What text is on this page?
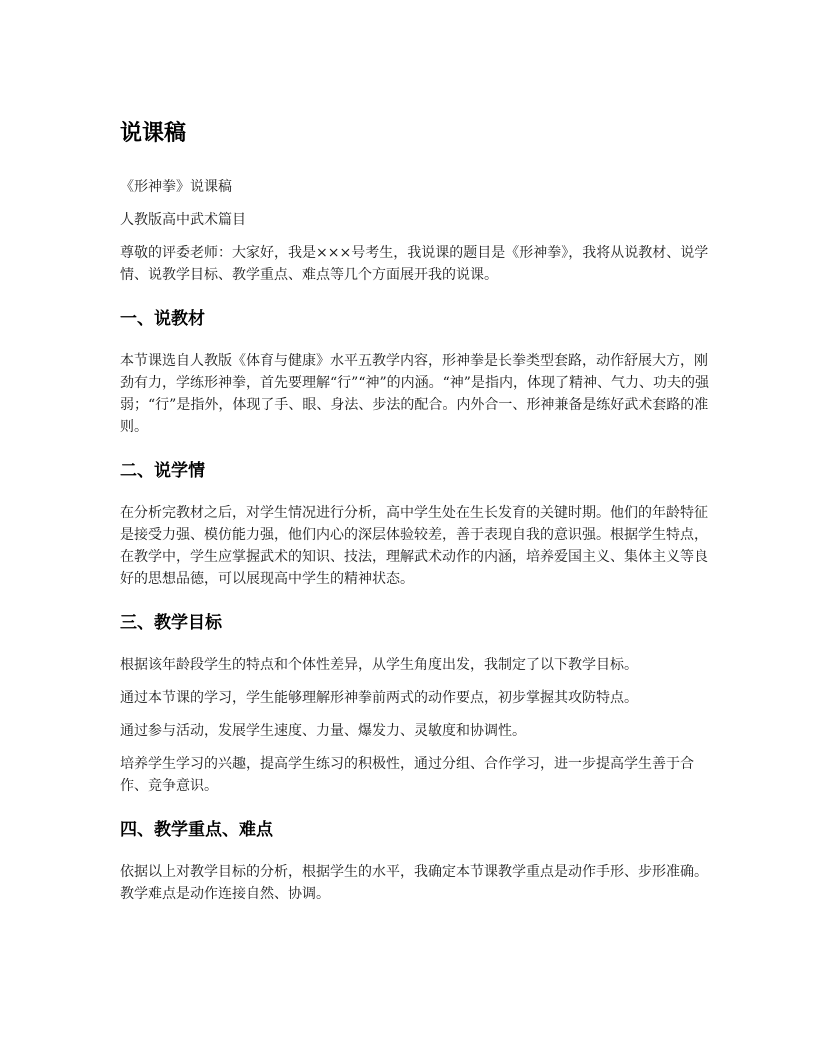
说课稿

《形神拳》说课稿

人教版高中武术篇目

尊敬的评委老师：大家好，我是×××号考生，我说课的题目是《形神拳》，我将从说教材、说学情、说教学目标、教学重点、难点等几个方面展开我的说课。

一、说教材

本节课选自人教版《体育与健康》水平五教学内容，形神拳是长拳类型套路，动作舒展大方，刚劲有力，学练形神拳，首先要理解“行”“神”的内涵。“神”是指内，体现了精神、气力、功夫的强弱；“行”是指外，体现了手、眼、身法、步法的配合。内外合一、形神兼备是练好武术套路的准则。

二、说学情

在分析完教材之后，对学生情况进行分析，高中学生处在生长发育的关键时期。他们的年龄特征是接受力强、模仿能力强，他们内心的深层体验较差，善于表现自我的意识强。根据学生特点，在教学中，学生应掌握武术的知识、技法，理解武术动作的内涵，培养爱国主义、集体主义等良好的思想品德，可以展现高中学生的精神状态。

三、教学目标

根据该年龄段学生的特点和个体性差异，从学生角度出发，我制定了以下教学目标。

通过本节课的学习，学生能够理解形神拳前两式的动作要点，初步掌握其攻防特点。

通过参与活动，发展学生速度、力量、爆发力、灵敏度和协调性。

培养学生学习的兴趣，提高学生练习的积极性，通过分组、合作学习，进一步提高学生善于合作、竞争意识。

四、教学重点、难点

依据以上对教学目标的分析，根据学生的水平，我确定本节课教学重点是动作手形、步形准确。教学难点是动作连接自然、协调。
